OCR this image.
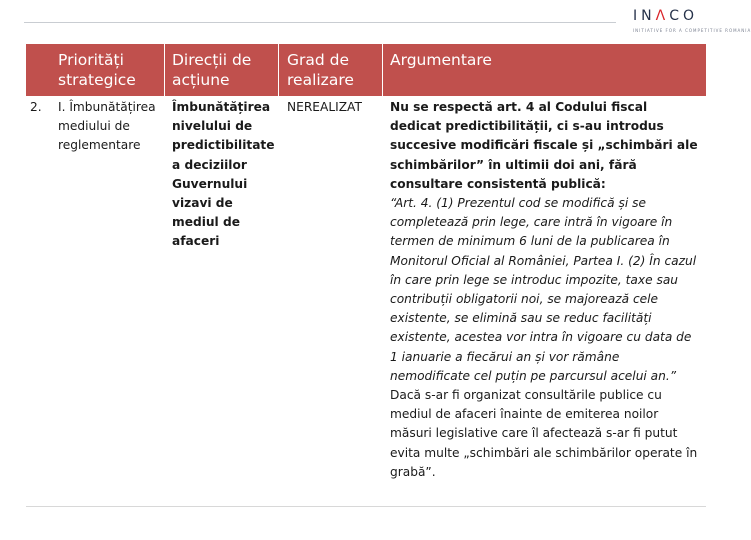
INΛCO
INITIATIVE FOR A COMPETITIVE ROMANIA
Priorități strategice
Direcții de acțiune
Grad de realizare
Argumentare
2.	I. Îmbunătățirea mediului de reglementare
Îmbunătățirea nivelului de predictibilitate a deciziilor Guvernului vizavi de mediul de afaceri
NEREALIZAT	Nu se respectă art. 4 al Codului fiscal dedicat predictibilității, ci s-au introdus succesive modificări fiscale și „schimbări ale schimbărilor” în ultimii doi ani, fără consultare consistentă publică:
“Art. 4. (1) Prezentul cod se modifică și se completează prin lege, care intră în vigoare în termen de minimum 6 luni de la publicarea în Monitorul Oficial al României, Partea I. (2) În cazul în care prin lege se introduc impozite, taxe sau contribuții obligatorii noi, se majorează cele existente, se elimină sau se reduc facilități existente, acestea vor intra în vigoare cu data de 1 ianuarie a fiecărui an și vor rămâne nemodificate cel puțin pe parcursul acelui an.”
Dacă s-ar fi organizat consultările publice cu mediul de afaceri înainte de emiterea noilor măsuri legislative care îl afectează s-ar fi putut evita multe „schimbări ale schimbărilor operate în grabă”.
